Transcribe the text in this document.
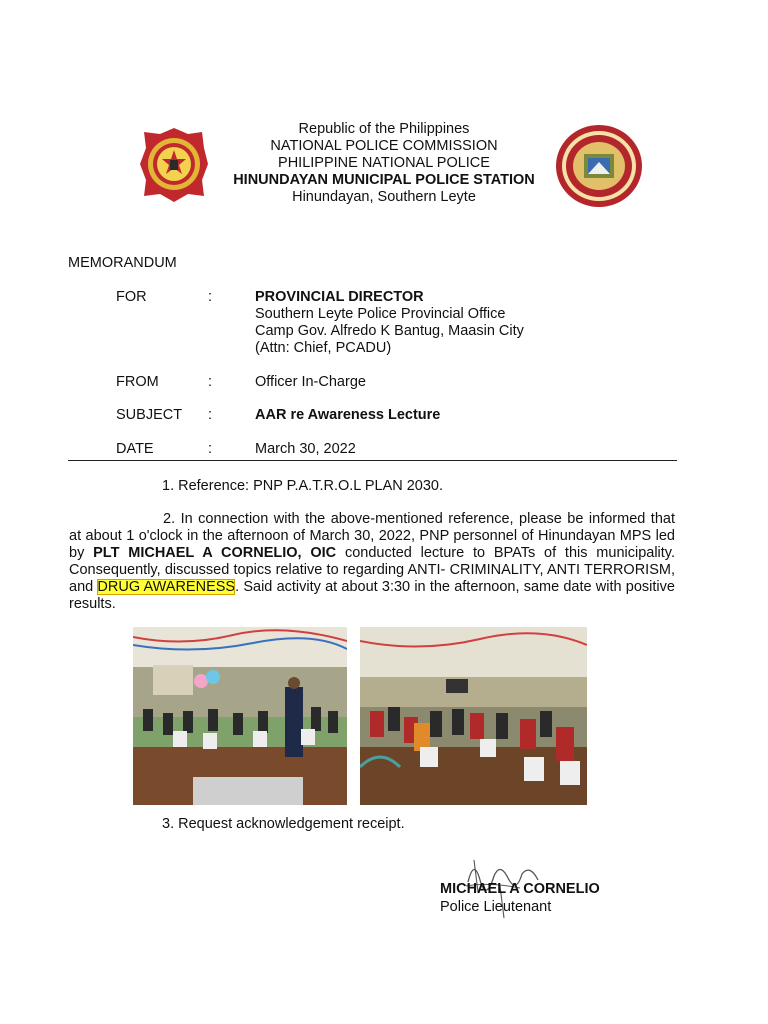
Republic of the Philippines
NATIONAL POLICE COMMISSION
PHILIPPINE NATIONAL POLICE
HINUNDAYAN MUNICIPAL POLICE STATION
Hinundayan, Southern Leyte
MEMORANDUM
FOR	:	PROVINCIAL DIRECTOR
Southern Leyte Police Provincial Office
Camp Gov. Alfredo K Bantug, Maasin City
(Attn: Chief, PCADU)
FROM	:	Officer In-Charge
SUBJECT :	AAR re Awareness Lecture
DATE	:	March 30, 2022
1. Reference: PNP P.A.T.R.O.L PLAN 2030.
2. In connection with the above-mentioned reference, please be informed that at about 1 o'clock in the afternoon of March 30, 2022, PNP personnel of Hinundayan MPS led by PLT MICHAEL A CORNELIO, OIC conducted lecture to BPATs of this municipality. Consequently, discussed topics relative to regarding ANTI- CRIMINALITY, ANTI TERRORISM, and DRUG AWARENESS. Said activity at about 3:30 in the afternoon, same date with positive results.
3. Request acknowledgement receipt.
MICHAEL A CORNELIO
Police Lieutenant
